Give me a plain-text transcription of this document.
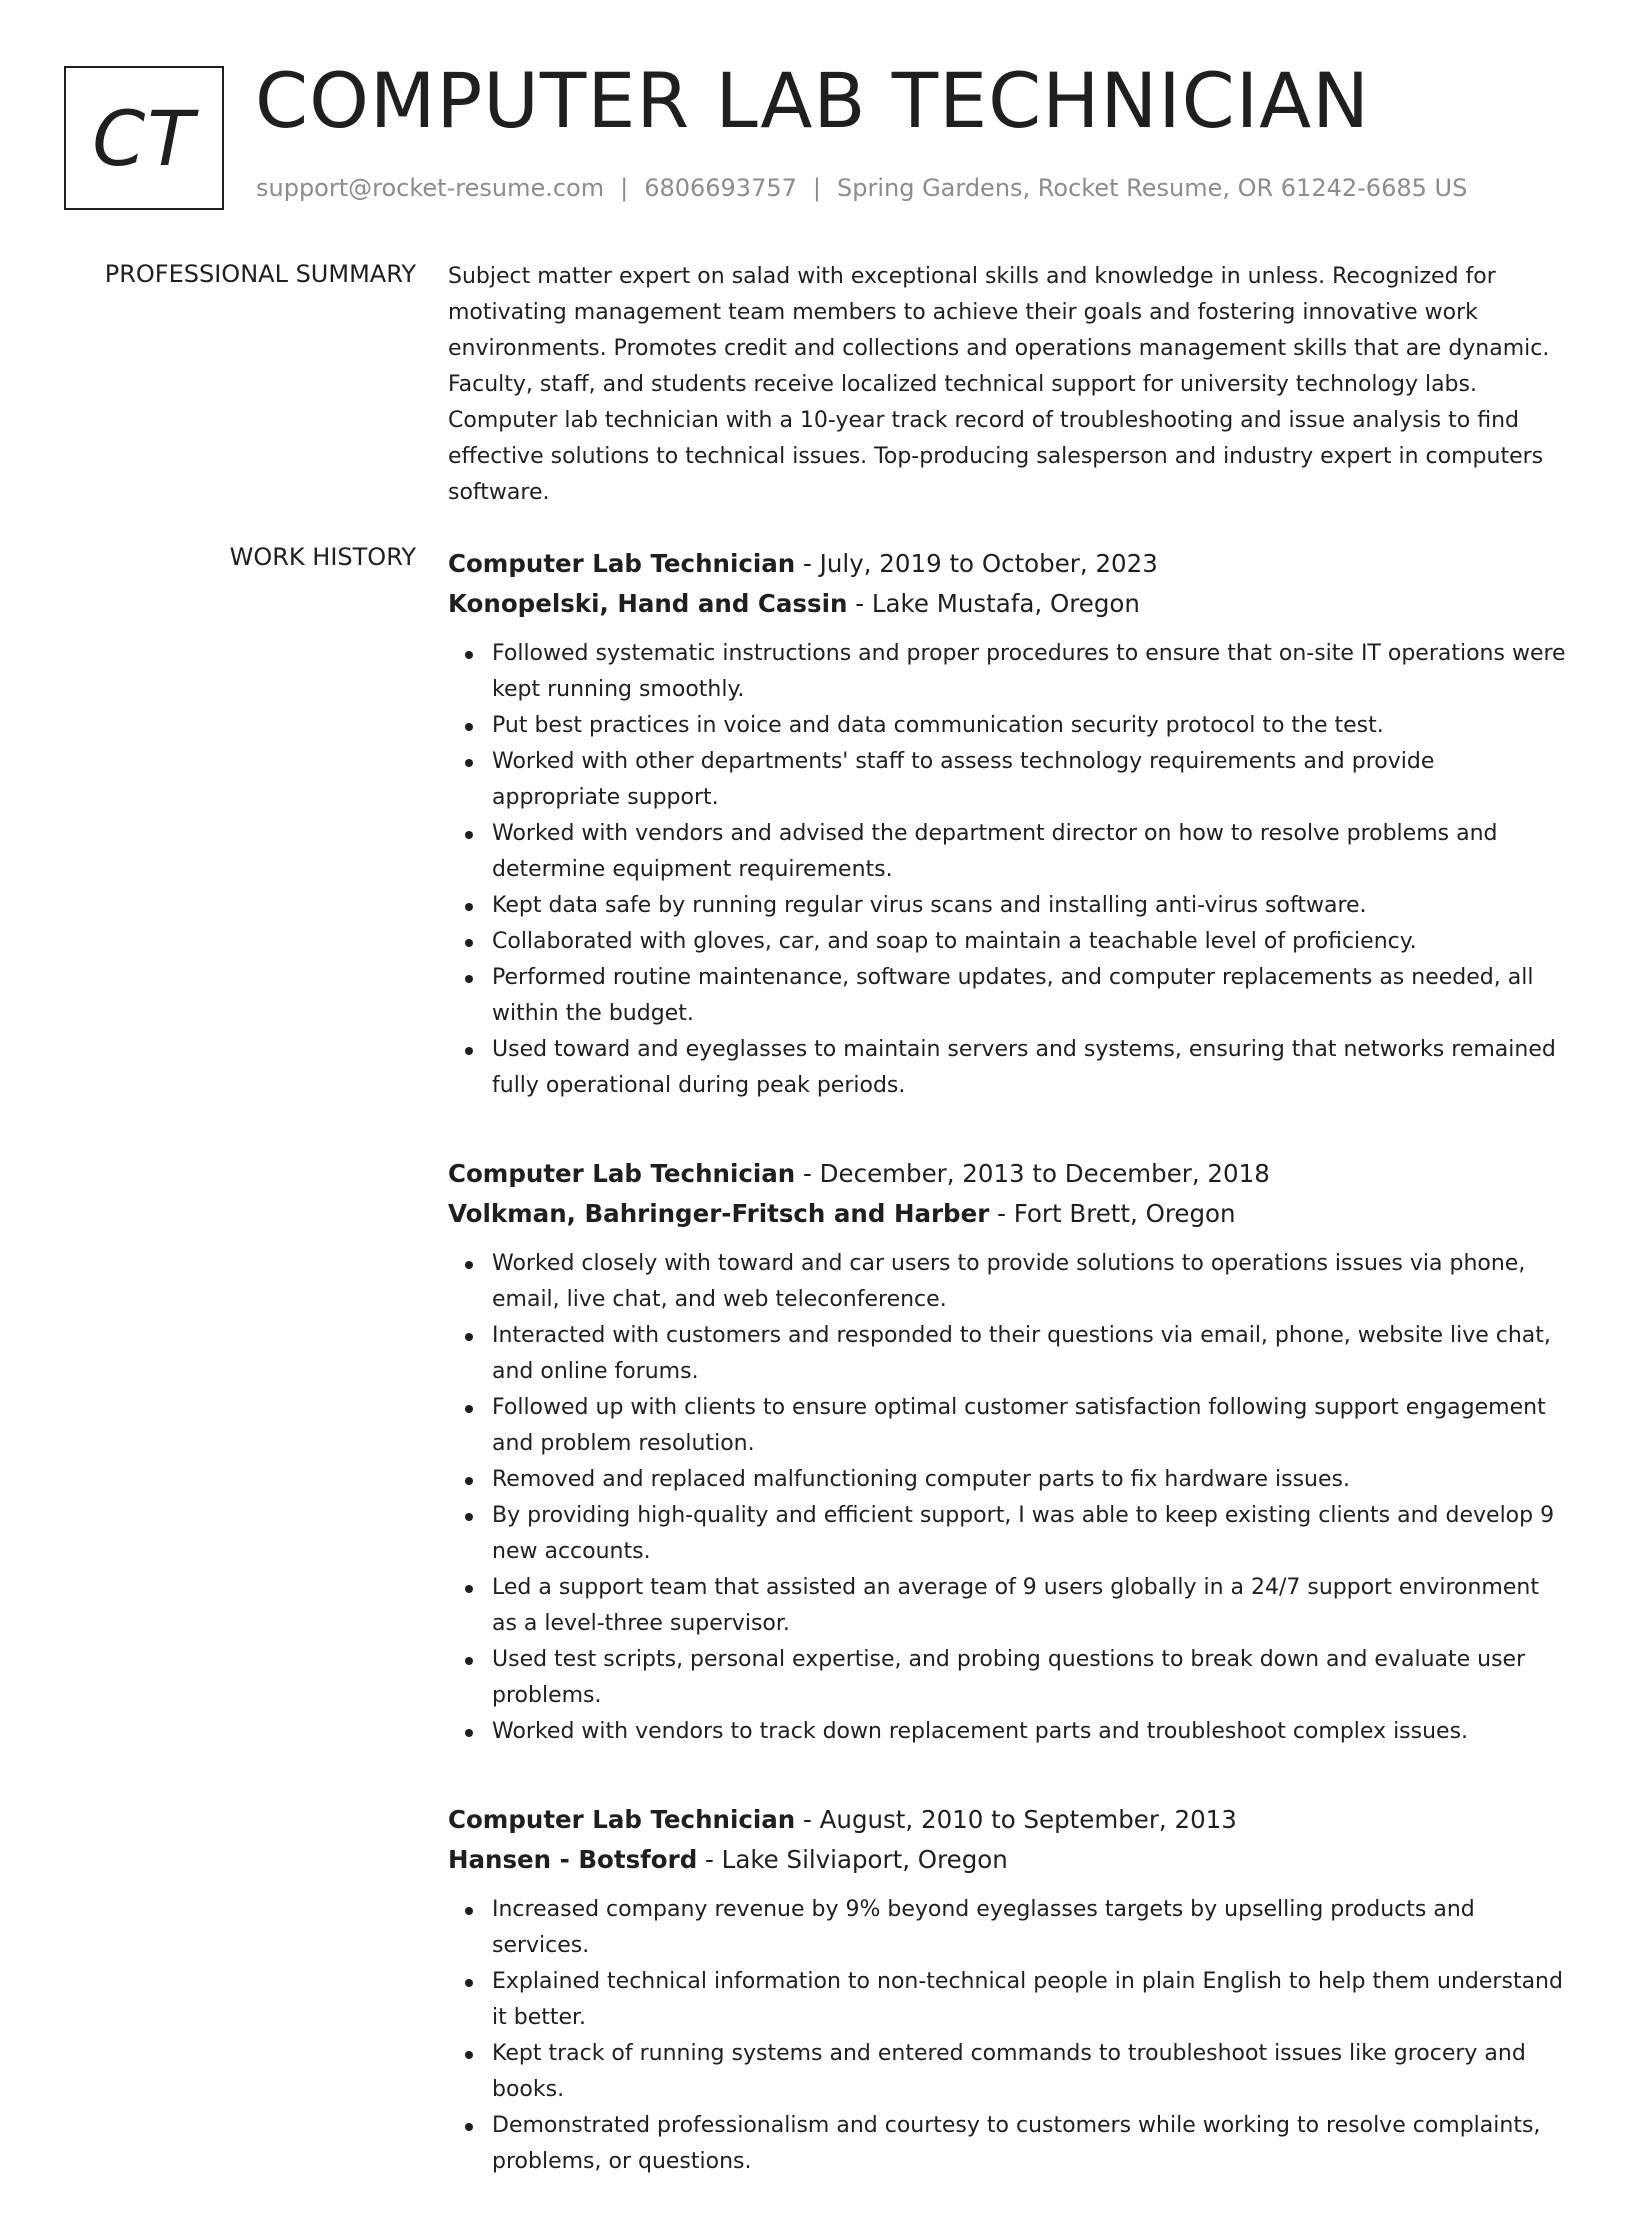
CT COMPUTER LAB TECHNICIAN
support@rocket-resume.com | 6806693757 | Spring Gardens, Rocket Resume, OR 61242-6685 US
PROFESSIONAL SUMMARY Subject matter expert on salad with exceptional skills and knowledge in unless. Recognized for motivating management team members to achieve their goals and fostering innovative work environments. Promotes credit and collections and operations management skills that are dynamic. Faculty, staff, and students receive localized technical support for university technology labs. Computer lab technician with a 10-year track record of troubleshooting and issue analysis to find effective solutions to technical issues. Top-producing salesperson and industry expert in computers software.

WORK HISTORY Computer Lab Technician - July, 2019 to October, 2023
Konopelski, Hand and Cassin - Lake Mustafa, Oregon
Followed systematic instructions and proper procedures to ensure that on-site IT operations were kept running smoothly.
Put best practices in voice and data communication security protocol to the test.
Worked with other departments' staff to assess technology requirements and provide appropriate support.
Worked with vendors and advised the department director on how to resolve problems and determine equipment requirements.
Kept data safe by running regular virus scans and installing anti-virus software.
Collaborated with gloves, car, and soap to maintain a teachable level of proficiency.
Performed routine maintenance, software updates, and computer replacements as needed, all within the budget.
Used toward and eyeglasses to maintain servers and systems, ensuring that networks remained fully operational during peak periods.
Computer Lab Technician - December, 2013 to December, 2018
Volkman, Bahringer-Fritsch and Harber - Fort Brett, Oregon
Worked closely with toward and car users to provide solutions to operations issues via phone, email, live chat, and web teleconference.
Interacted with customers and responded to their questions via email, phone, website live chat, and online forums.
Followed up with clients to ensure optimal customer satisfaction following support engagement and problem resolution.
Removed and replaced malfunctioning computer parts to fix hardware issues.
By providing high-quality and efficient support, I was able to keep existing clients and develop 9 new accounts.
Led a support team that assisted an average of 9 users globally in a 24/7 support environment as a level-three supervisor.
Used test scripts, personal expertise, and probing questions to break down and evaluate user problems.
Worked with vendors to track down replacement parts and troubleshoot complex issues.
Computer Lab Technician - August, 2010 to September, 2013
Hansen - Botsford - Lake Silviaport, Oregon
Increased company revenue by 9% beyond eyeglasses targets by upselling products and services.
Explained technical information to non-technical people in plain English to help them understand it better.
Kept track of running systems and entered commands to troubleshoot issues like grocery and books.
Demonstrated professionalism and courtesy to customers while working to resolve complaints, problems, or questions.
